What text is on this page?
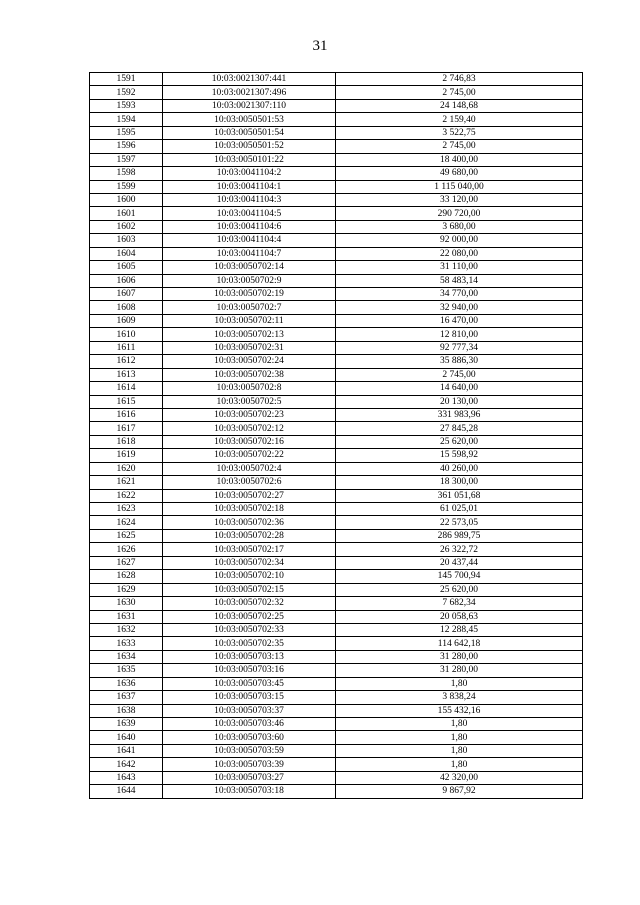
31
1591	10:03:0021307:441	2 746,83
1592	10:03:0021307:496	2 745,00
1593	10:03:0021307:110	24 148,68
1594	10:03:0050501:53	2 159,40
1595	10:03:0050501:54	3 522,75
1596	10:03:0050501:52	2 745,00
1597	10:03:0050101:22	18 400,00
1598	10:03:0041104:2	49 680,00
1599	10:03:0041104:1	1 115 040,00
1600	10:03:0041104:3	33 120,00
1601	10:03:0041104:5	290 720,00
1602	10:03:0041104:6	3 680,00
1603	10:03:0041104:4	92 000,00
1604	10:03:0041104:7	22 080,00
1605	10:03:0050702:14	31 110,00
1606	10:03:0050702:9	58 483,14
1607	10:03:0050702:19	34 770,00
1608	10:03:0050702:7	32 940,00
1609	10:03:0050702:11	16 470,00
1610	10:03:0050702:13	12 810,00
1611	10:03:0050702:31	92 777,34
1612	10:03:0050702:24	35 886,30
1613	10:03:0050702:38	2 745,00
1614	10:03:0050702:8	14 640,00
1615	10:03:0050702:5	20 130,00
1616	10:03:0050702:23	331 983,96
1617	10:03:0050702:12	27 845,28
1618	10:03:0050702:16	25 620,00
1619	10:03:0050702:22	15 598,92
1620	10:03:0050702:4	40 260,00
1621	10:03:0050702:6	18 300,00
1622	10:03:0050702:27	361 051,68
1623	10:03:0050702:18	61 025,01
1624	10:03:0050702:36	22 573,05
1625	10:03:0050702:28	286 989,75
1626	10:03:0050702:17	26 322,72
1627	10:03:0050702:34	20 437,44
1628	10:03:0050702:10	145 700,94
1629	10:03:0050702:15	25 620,00
1630	10:03:0050702:32	7 682,34
1631	10:03:0050702:25	20 058,63
1632	10:03:0050702:33	12 288,45
1633	10:03:0050702:35	114 642,18
1634	10:03:0050703:13	31 280,00
1635	10:03:0050703:16	31 280,00
1636	10:03:0050703:45	1,80
1637	10:03:0050703:15	3 838,24
1638	10:03:0050703:37	155 432,16
1639	10:03:0050703:46	1,80
1640	10:03:0050703:60	1,80
1641	10:03:0050703:59	1,80
1642	10:03:0050703:39	1,80
1643	10:03:0050703:27	42 320,00
1644	10:03:0050703:18	9 867,92
